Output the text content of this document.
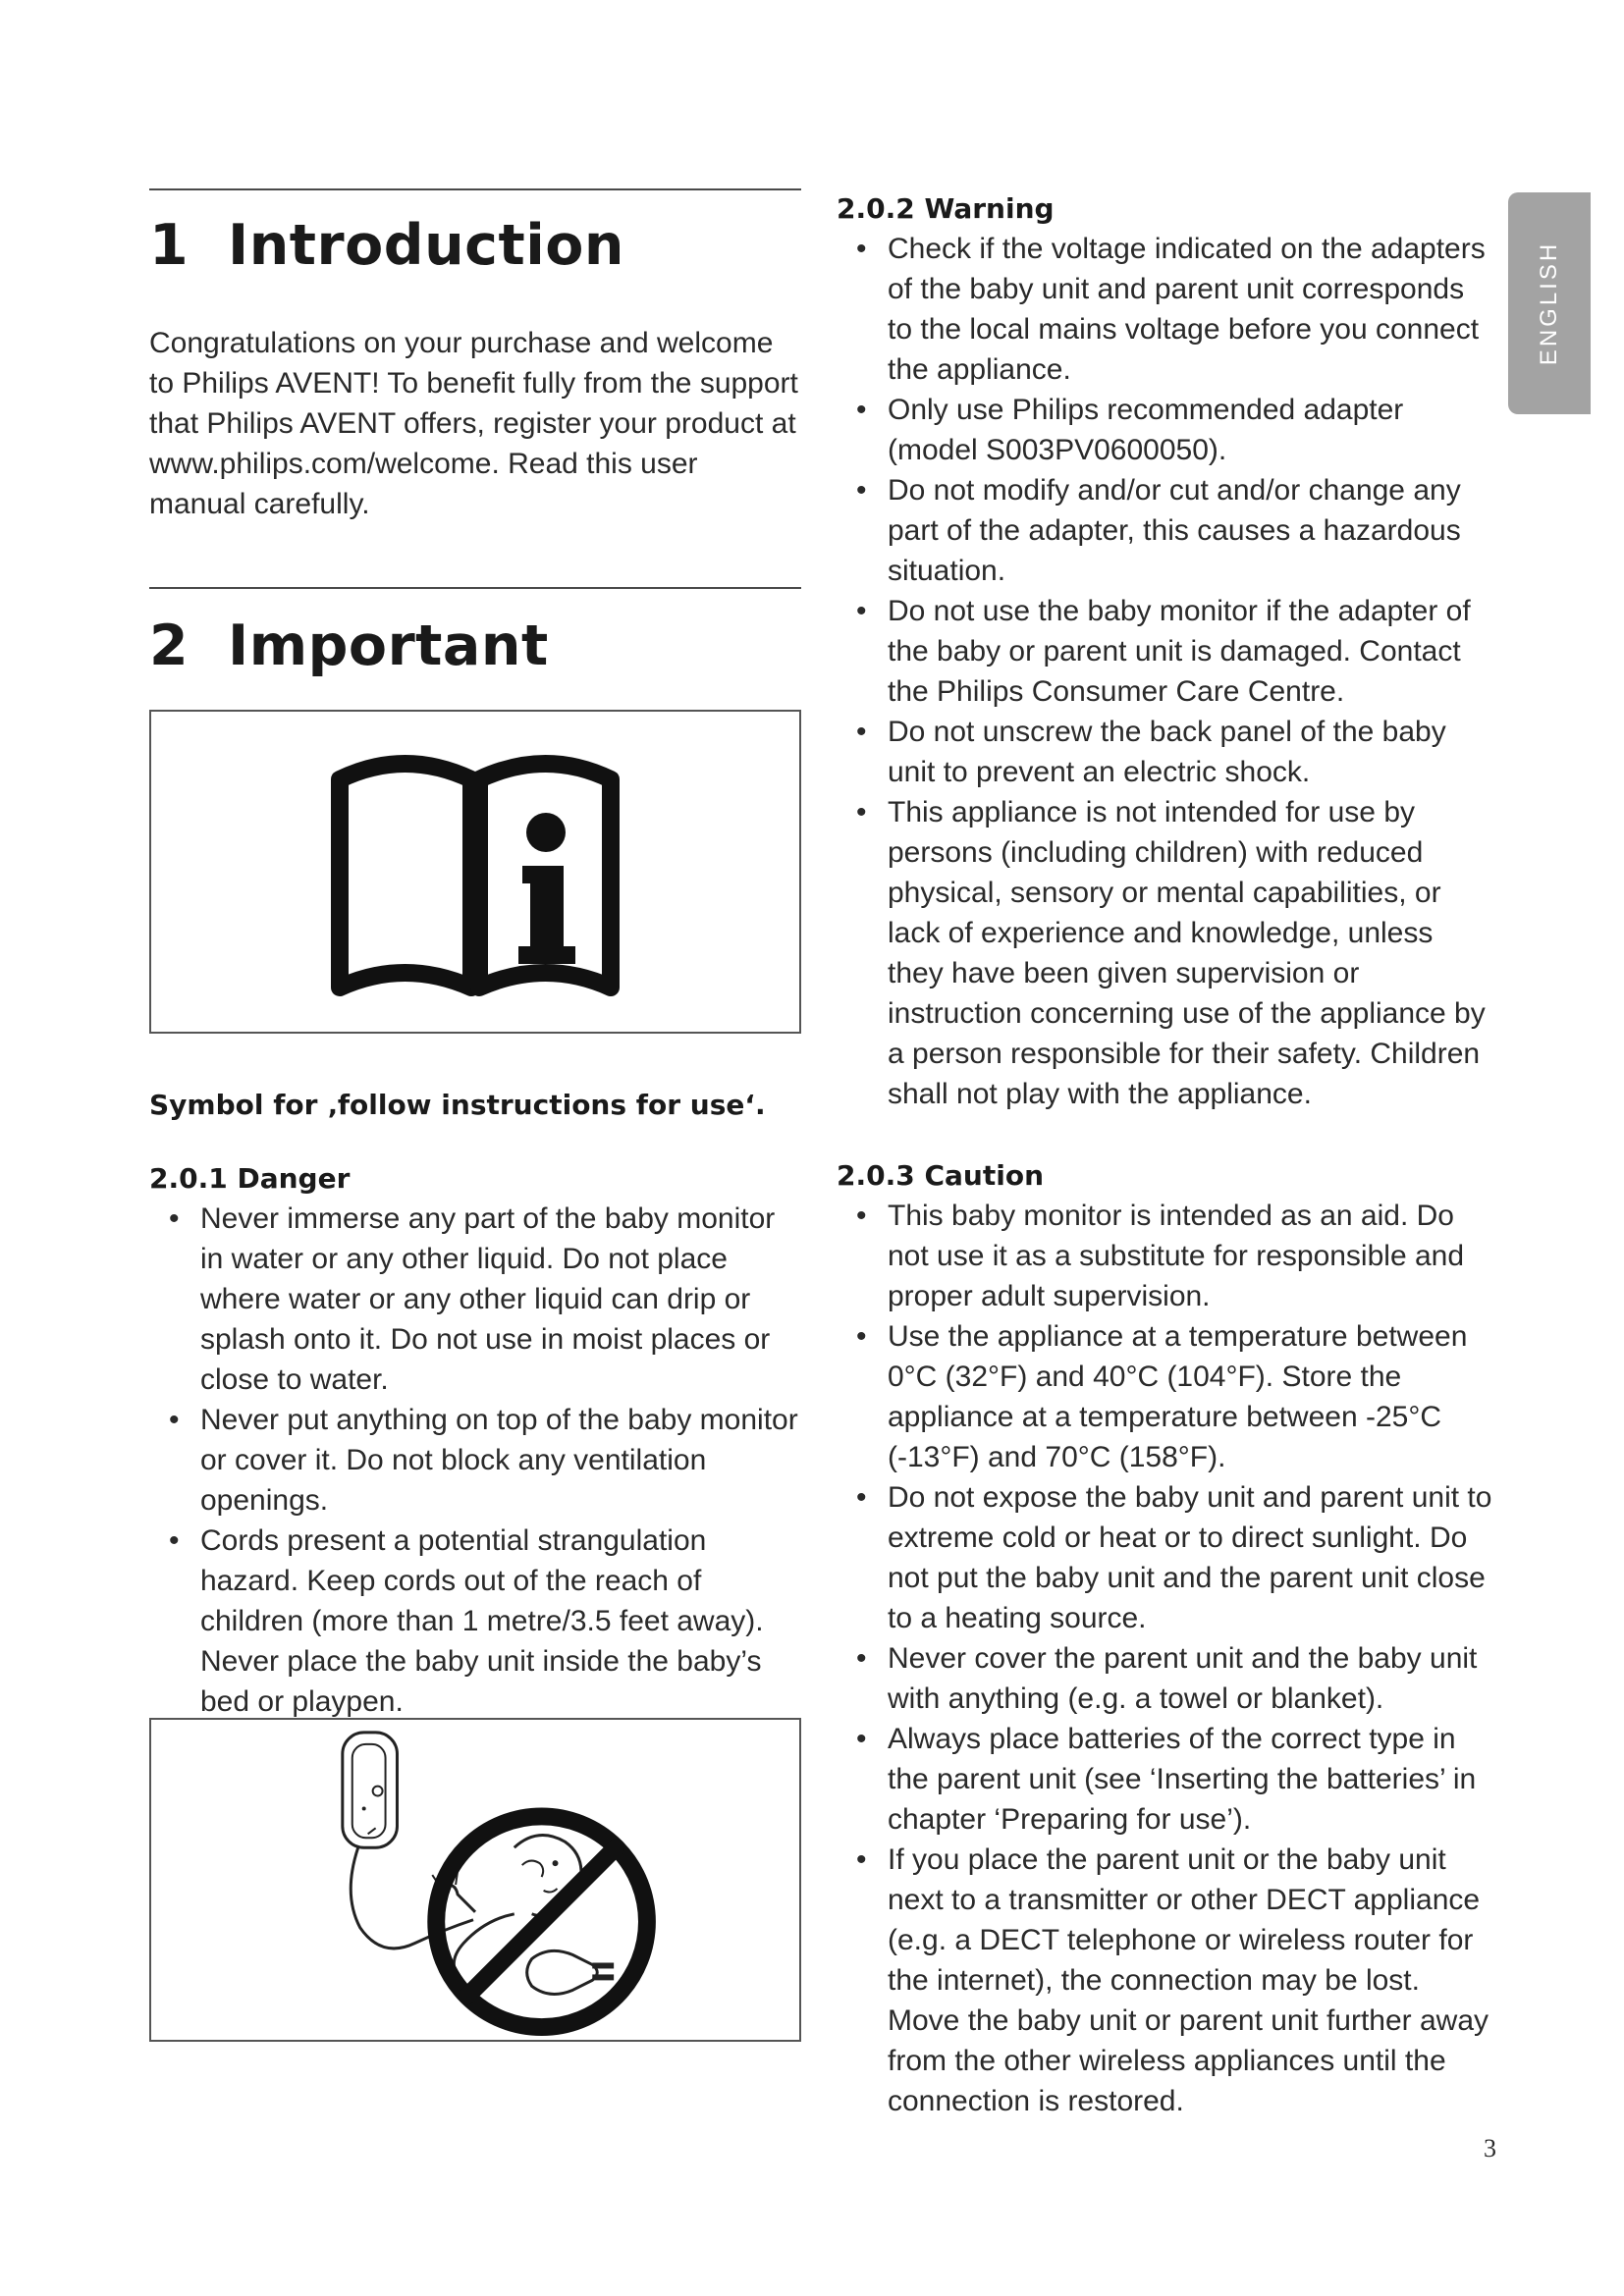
ENGLISH
1 Introduction

Congratulations on your purchase and welcome to Philips AVENT! To benefit fully from the support that Philips AVENT offers, register your product at www.philips.com/welcome. Read this user manual carefully.

2 Important

Symbol for ‚follow instructions for use‘.

2.0.1 Danger

• Never immerse any part of the baby monitor in water or any other liquid. Do not place where water or any other liquid can drip or splash onto it. Do not use in moist places or close to water.
• Never put anything on top of the baby monitor or cover it. Do not block any ventilation openings.
• Cords present a potential strangulation hazard. Keep cords out of the reach of children (more than 1 metre/3.5 feet away). Never place the baby unit inside the baby’s bed or playpen.

2.0.2 Warning

• Check if the voltage indicated on the adapters of the baby unit and parent unit corresponds to the local mains voltage before you connect the appliance.
• Only use Philips recommended adapter (model S003PV0600050).
• Do not modify and/or cut and/or change any part of the adapter, this causes a hazardous situation.
• Do not use the baby monitor if the adapter of the baby or parent unit is damaged. Contact the Philips Consumer Care Centre.
• Do not unscrew the back panel of the baby unit to prevent an electric shock.
• This appliance is not intended for use by persons (including children) with reduced physical, sensory or mental capabilities, or lack of experience and knowledge, unless they have been given supervision or instruction concerning use of the appliance by a person responsible for their safety. Children shall not play with the appliance.

2.0.3 Caution

• This baby monitor is intended as an aid. Do not use it as a substitute for responsible and proper adult supervision.
• Use the appliance at a temperature between 0°C (32°F) and 40°C (104°F). Store the appliance at a temperature between -25°C (-13°F) and 70°C (158°F).
• Do not expose the baby unit and parent unit to extreme cold or heat or to direct sunlight. Do not put the baby unit and the parent unit close to a heating source.
• Never cover the parent unit and the baby unit with anything (e.g. a towel or blanket).
• Always place batteries of the correct type in the parent unit (see ‘Inserting the batteries’ in chapter ‘Preparing for use’).
• If you place the parent unit or the baby unit next to a transmitter or other DECT appliance (e.g. a DECT telephone or wireless router for the internet), the connection may be lost. Move the baby unit or parent unit further away from the other wireless appliances until the connection is restored.
3
